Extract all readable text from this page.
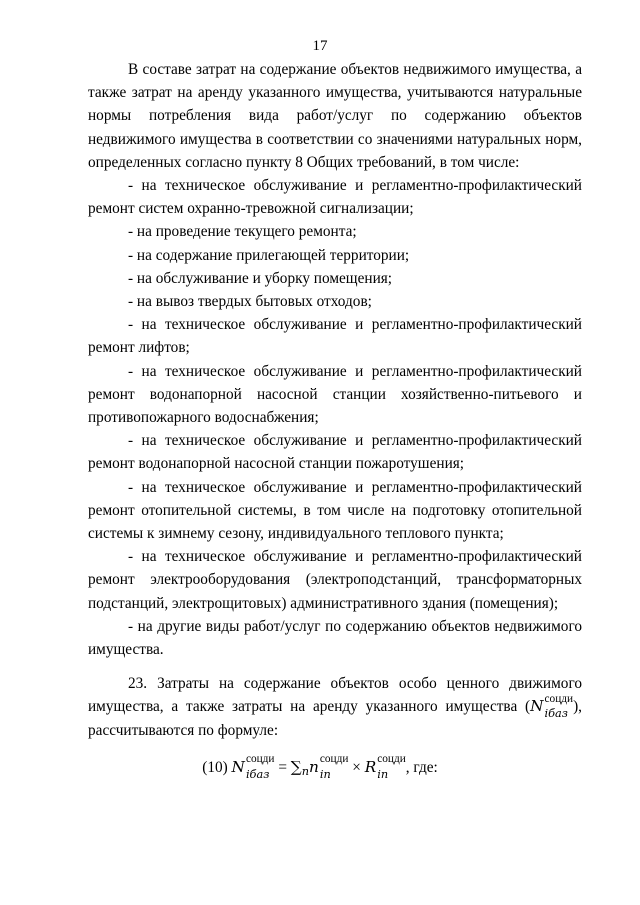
17

В составе затрат на содержание объектов недвижимого имущества, а также затрат на аренду указанного имущества, учитываются натуральные нормы потребления вида работ/услуг по содержанию объектов недвижимого имущества в соответствии со значениями натуральных норм, определенных согласно пункту 8 Общих требований, в том числе:

- на техническое обслуживание и регламентно-профилактический ремонт систем охранно-тревожной сигнализации;

- на проведение текущего ремонта;

- на содержание прилегающей территории;

- на обслуживание и уборку помещения;

- на вывоз твердых бытовых отходов;

- на техническое обслуживание и регламентно-профилактический ремонт лифтов;

- на техническое обслуживание и регламентно-профилактический ремонт водонапорной насосной станции хозяйственно-питьевого и противопожарного водоснабжения;

- на техническое обслуживание и регламентно-профилактический ремонт водонапорной насосной станции пожаротушения;

- на техническое обслуживание и регламентно-профилактический ремонт отопительной системы, в том числе на подготовку отопительной системы к зимнему сезону, индивидуального теплового пункта;

- на техническое обслуживание и регламентно-профилактический ремонт электрооборудования (электроподстанций, трансформаторных подстанций, электрощитовых) административного здания (помещения);

- на другие виды работ/услуг по содержанию объектов недвижимого имущества.

23. Затраты на содержание объектов особо ценного движимого имущества, а также затраты на аренду указанного имущества (N соцди
iбаз ), рассчитываются по формуле:

(10) N соцди
iбаз = ∑nn соцди
in	× R соцди
in	, где:
